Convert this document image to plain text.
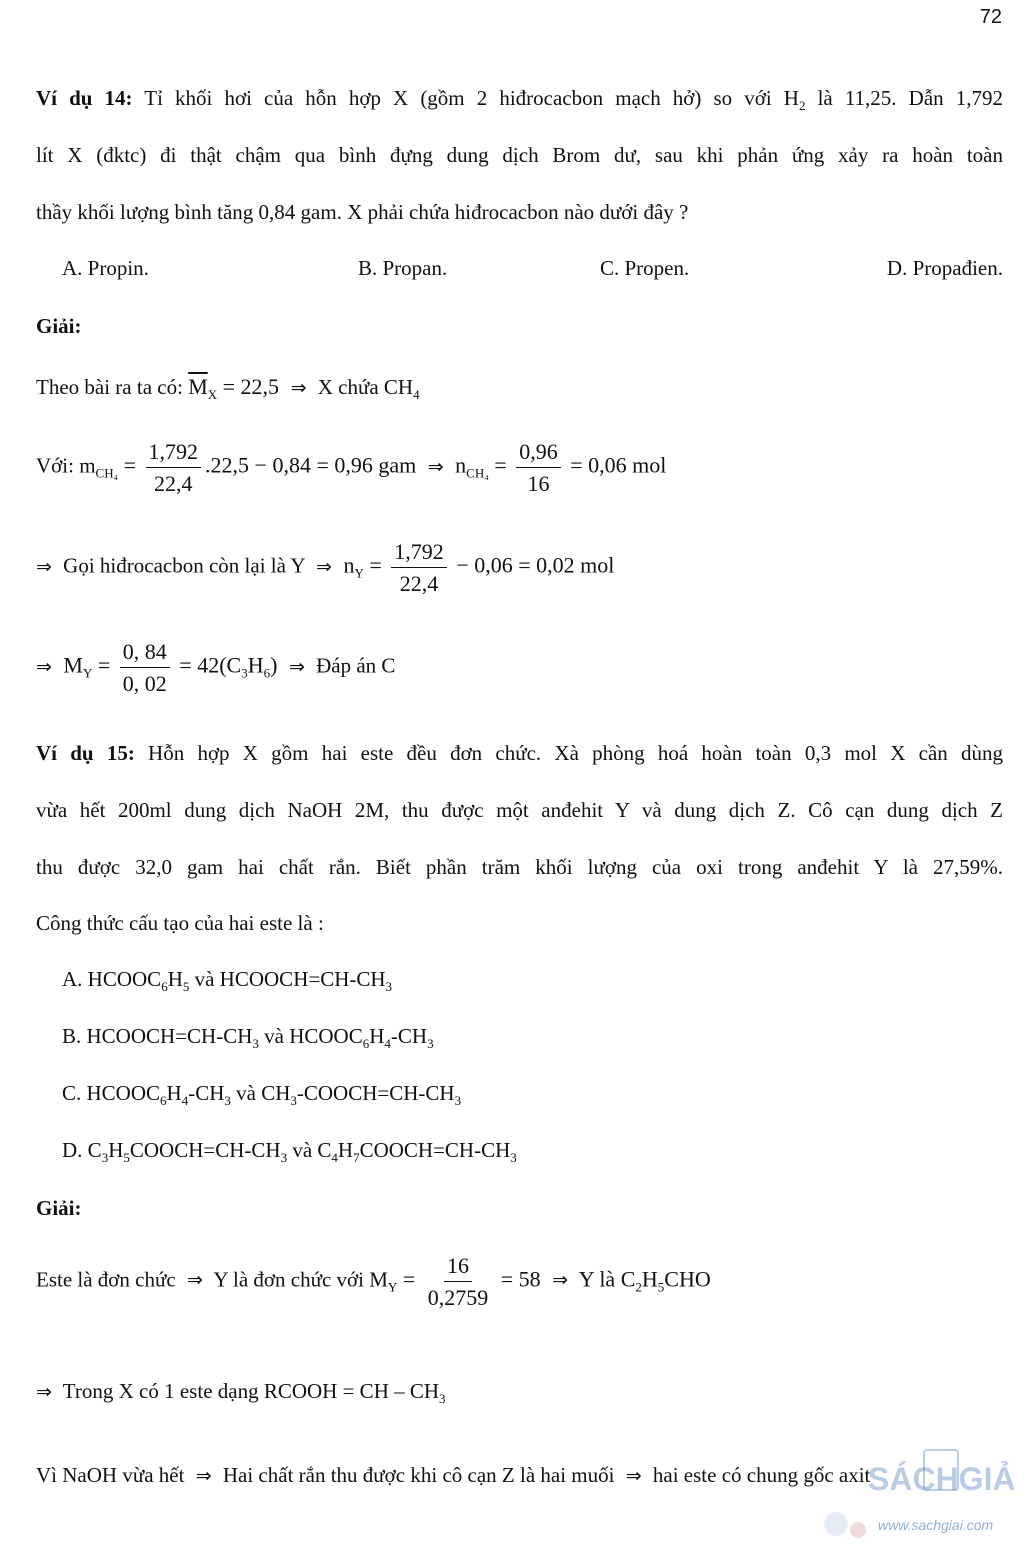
72
Ví dụ 14: Tỉ khối hơi của hỗn hợp X (gồm 2 hiđrocacbon mạch hở) so với $H_2$ là 11,25. Dẫn 1,792
lít X (đktc) đi thật chậm qua bình đựng dung dịch Brom dư, sau khi phản ứng xảy ra hoàn toàn
thầy khối lượng bình tăng 0,84 gam. X phải chứa hiđrocacbon nào dưới đây ?
A. Propin.	B. Propan.	C. Propen.	D. Propađien.
Giải:
Theo bài ra ta có: $\overline{M}_X = 22,5$ ⇒ X chứa $CH_4$
Với: $m_{CH_4} = \frac{1,792}{22,4} .22,5 - 0,84 = 0,96$ gam ⇒ $n_{CH_4} = \frac{0,96}{16} = 0,06$ mol
⇒ Gọi hiđrocacbon còn lại là Y ⇒ $n_Y = \frac{1,792}{22,4} - 0,06 = 0,02$ mol
⇒ $M_Y = \frac{0, 84}{0, 02} = 42(C_3H_6)$ ⇒ Đáp án C
Ví dụ 15: Hỗn hợp X gồm hai este đều đơn chức. Xà phòng hoá hoàn toàn 0,3 mol X cần dùng
vừa hết 200ml dung dịch NaOH 2M, thu được một anđehit Y và dung dịch Z. Cô cạn dung dịch Z
thu được 32,0 gam hai chất rắn. Biết phần trăm khối lượng của oxi trong anđehit Y là 27,59%.
Công thức cấu tạo của hai este là :
A. $HCOOC_6H_5$ và $HCOOCH=CH-CH_3$
B. $HCOOCH=CH-CH_3$ và $HCOOC_6H_4-CH_3$
C. $HCOOC_6H_4-CH_3$ và $CH_3-COOCH=CH-CH_3$
D. $C_3H_5COOCH=CH-CH_3$ và $C_4H_7COOCH=CH-CH_3$
Giải:
Este là đơn chức ⇒ Y là đơn chức với $M_Y = \frac{16}{0,2759} = 58$ ⇒ Y là $C_2H_5CHO$
⇒ Trong X có 1 este dạng RCOOH = CH – $CH_3$
Vì NaOH vừa hết ⇒ Hai chất rắn thu được khi cô cạn Z là hai muối ⇒ hai este có chung gốc axit
SÁCHGIẢI
www.sachgiai.com
